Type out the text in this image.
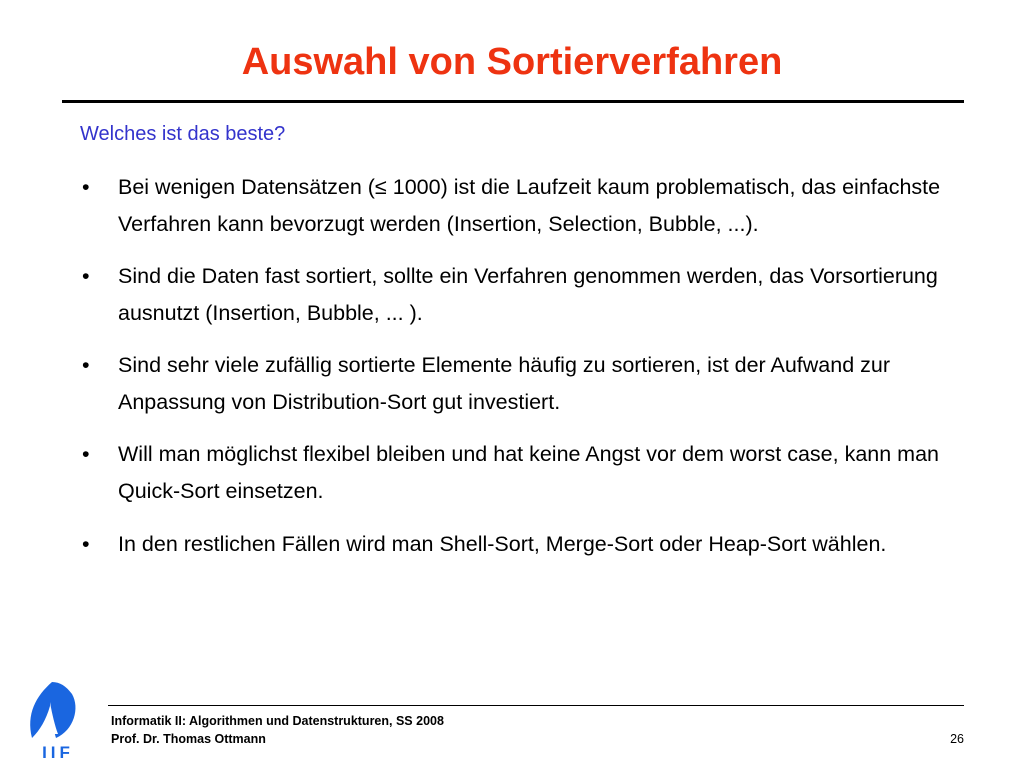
Auswahl von Sortierverfahren
Welches ist das beste?
• Bei wenigen Datensätzen (≤ 1000) ist die Laufzeit kaum problematisch, das einfachste Verfahren kann bevorzugt werden (Insertion, Selection, Bubble, ...).
• Sind die Daten fast sortiert, sollte ein Verfahren genommen werden, das Vorsortierung ausnutzt (Insertion, Bubble, ... ).
• Sind sehr viele zufällig sortierte Elemente häufig zu sortieren, ist der Aufwand zur Anpassung von Distribution-Sort gut investiert.
• Will man möglichst flexibel bleiben und hat keine Angst vor dem worst case, kann man Quick-Sort einsetzen.
• In den restlichen Fällen wird man Shell-Sort, Merge-Sort oder Heap-Sort wählen.
IIF
Informatik II: Algorithmen und Datenstrukturen, SS 2008
Prof. Dr. Thomas Ottmann	26
